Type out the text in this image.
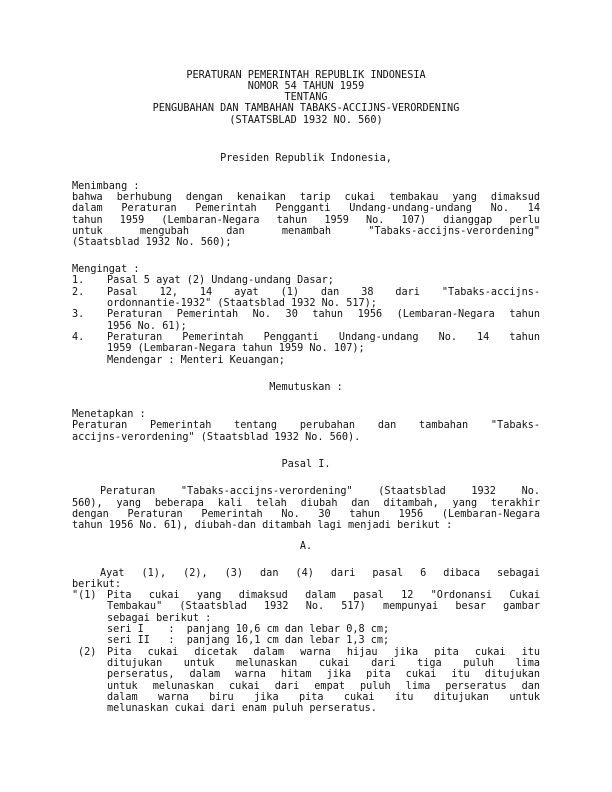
PERATURAN PEMERINTAH REPUBLIK INDONESIA
NOMOR 54 TAHUN 1959
TENTANG
PENGUBAHAN DAN TAMBAHAN TABAKS-ACCIJNS-VERORDENING
(STAATSBLAD 1932 NO. 560)
Presiden Republik Indonesia,
Menimbang :
bahwa berhubung dengan kenaikan tarip cukai tembakau yang dimaksud
dalam Peraturan Pemerintah Pengganti Undang-undang-undang No. 14
tahun 1959 (Lembaran-Negara tahun 1959 No. 107) dianggap perlu
untuk mengubah dan menambah "Tabaks-accijns-verordening"
(Staatsblad 1932 No. 560);
Mengingat :
1. Pasal 5 ayat (2) Undang-undang Dasar;
2. Pasal 12, 14 ayat (1) dan 38 dari "Tabaks-accijns-
ordonnantie-1932" (Staatsblad 1932 No. 517);
3. Peraturan Pemerintah No. 30 tahun 1956 (Lembaran-Negara tahun
1956 No. 61);
4. Peraturan Pemerintah Pengganti Undang-undang No. 14 tahun
1959 (Lembaran-Negara tahun 1959 No. 107);
Mendengar : Menteri Keuangan;
Memutuskan :
Menetapkan :
Peraturan Pemerintah tentang perubahan dan tambahan "Tabaks-
accijns-verordening" (Staatsblad 1932 No. 560).
Pasal I.
Peraturan "Tabaks-accijns-verordening" (Staatsblad 1932 No.
560), yang beberapa kali telah diubah dan ditambah, yang terakhir
dengan Peraturan Pemerintah No. 30 tahun 1956 (Lembaran-Negara
tahun 1956 No. 61), diubah-dan ditambah lagi menjadi berikut :
A.
Ayat (1), (2), (3) dan (4) dari pasal 6 dibaca sebagai
berikut:
"(1) Pita cukai yang dimaksud dalam pasal 12 "Ordonansi Cukai
Tembakau" (Staatsblad 1932 No. 517) mempunyai besar gambar
sebagai berikut :
seri I    :  panjang 10,6 cm dan lebar 0,8 cm;
seri II   :  panjang 16,1 cm dan lebar 1,3 cm;
(2) Pita cukai dicetak dalam warna hijau jika pita cukai itu
ditujukan untuk melunaskan cukai dari tiga puluh lima
perseratus, dalam warna hitam jika pita cukai itu ditujukan
untuk melunaskan cukai dari empat puluh lima perseratus dan
dalam warna biru jika pita cukai itu ditujukan untuk
melunaskan cukai dari enam puluh perseratus.
